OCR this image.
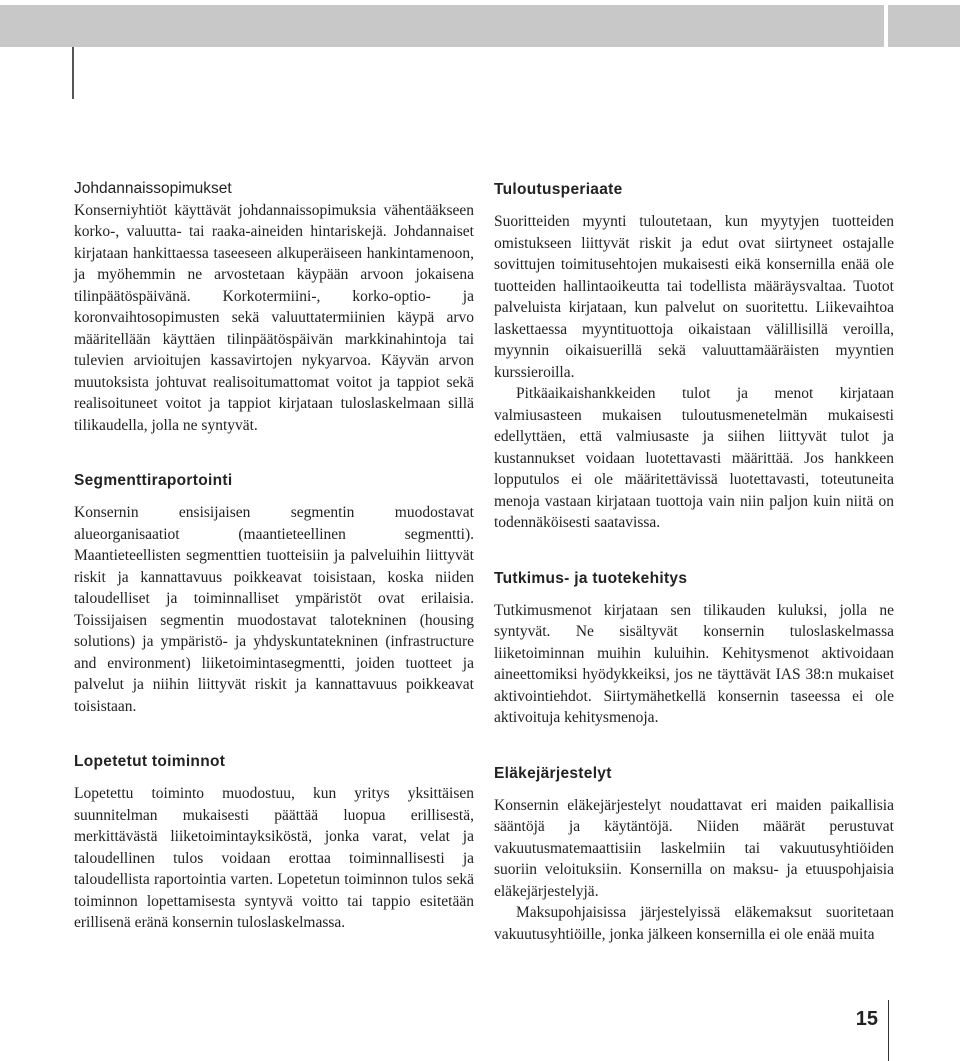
Johdannaissopimukset

Konserniyhtiöt käyttävät johdannaissopimuksia vähentääkseen korko-, valuutta- tai raaka-aineiden hintariskejä. Johdannaiset kirjataan hankittaessa taseeseen alkuperäiseen hankintamenoon, ja myöhemmin ne arvostetaan käypään arvoon jokaisena tilinpäätöspäivänä. Korkotermiini-, korko-optio- ja koronvaihtosopimusten sekä valuuttatermiinien käypä arvo määritellään käyttäen tilinpäätöspäivän markkinahintoja tai tulevien arvioitujen kassavirtojen nykyarvoa. Käyvän arvon muutoksista johtuvat realisoitumattomat voitot ja tappiot sekä realisoituneet voitot ja tappiot kirjataan tuloslaskelmaan sillä tilikaudella, jolla ne syntyvät.

Segmenttiraportointi

Konsernin ensisijaisen segmentin muodostavat alueorganisaatiot (maantieteellinen segmentti). Maantieteellisten segmenttien tuotteisiin ja palveluihin liittyvät riskit ja kannattavuus poikkeavat toisistaan, koska niiden taloudelliset ja toiminnalliset ympäristöt ovat erilaisia. Toissijaisen segmentin muodostavat talotekninen (housing solutions) ja ympäristö- ja yhdyskuntatekninen (infrastructure and environment) liiketoimintasegmentti, joiden tuotteet ja palvelut ja niihin liittyvät riskit ja kannattavuus poikkeavat toisistaan.

Lopetetut toiminnot

Lopetettu toiminto muodostuu, kun yritys yksittäisen suunnitelman mukaisesti päättää luopua erillisestä, merkittävästä liiketoimintayksiköstä, jonka varat, velat ja taloudellinen tulos voidaan erottaa toiminnallisesti ja taloudellista raportointia varten. Lopetetun toiminnon tulos sekä toiminnon lopettamisesta syntyvä voitto tai tappio esitetään erillisenä eränä konsernin tuloslaskelmassa.

Tuloutusperiaate

Suoritteiden myynti tuloutetaan, kun myytyjen tuotteiden omistukseen liittyvät riskit ja edut ovat siirtyneet ostajalle sovittujen toimitusehtojen mukaisesti eikä konsernilla enää ole tuotteiden hallintaoikeutta tai todellista määräysvaltaa. Tuotot palveluista kirjataan, kun palvelut on suoritettu. Liikevaihtoa laskettaessa myyntituottoja oikaistaan välillisillä veroilla, myynnin oikaisuerillä sekä valuuttamääräisten myyntien kurssieroilla.

Pitkäaikaishankkeiden tulot ja menot kirjataan valmiusasteen mukaisen tuloutusmenetelmän mukaisesti edellyttäen, että valmiusaste ja siihen liittyvät tulot ja kustannukset voidaan luotettavasti määrittää. Jos hankkeen lopputulos ei ole määritettävissä luotettavasti, toteutuneita menoja vastaan kirjataan tuottoja vain niin paljon kuin niitä on todennäköisesti saatavissa.

Tutkimus- ja tuotekehitys

Tutkimusmenot kirjataan sen tilikauden kuluksi, jolla ne syntyvät. Ne sisältyvät konsernin tuloslaskelmassa liiketoiminnan muihin kuluihin. Kehitysmenot aktivoidaan aineettomiksi hyödykkeiksi, jos ne täyttävät IAS 38:n mukaiset aktivointiehdot. Siirtymähetkellä konsernin taseessa ei ole aktivoituja kehitysmenoja.

Eläkejärjestelyt

Konsernin eläkejärjestelyt noudattavat eri maiden paikallisia sääntöjä ja käytäntöjä. Niiden määrät perustuvat vakuutusmatemaattisiin laskelmiin tai vakuutusyhtiöiden suoriin veloituksiin. Konsernilla on maksu- ja etuuspohjaisia eläkejärjestelyjä.

Maksupohjaisissa järjestelyissä eläkemaksut suoritetaan vakuutusyhtiöille, jonka jälkeen konsernilla ei ole enää muita

15
